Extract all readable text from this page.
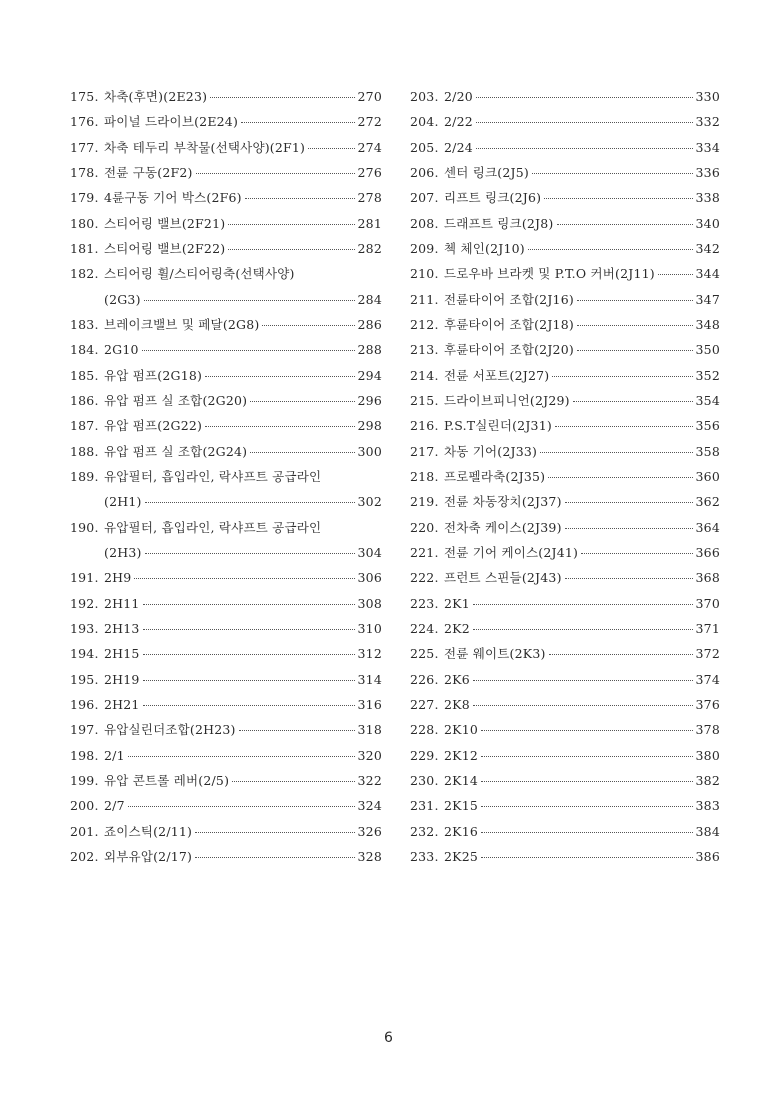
175. 차축(후면)(2E23)	270
176. 파이널 드라이브(2E24)	272
177. 차축 테두리 부착물(선택사양)(2F1)	274
178. 전륜 구동(2F2)	276
179. 4륜구동 기어 박스(2F6)	278
180. 스티어링 밸브(2F21)	281
181. 스티어링 밸브(2F22)	282
182. 스티어링 휠/스티어링축(선택사양)
(2G3)	284
183. 브레이크밸브 및 페달(2G8)	286
184. 2G10	288
185. 유압 펌프(2G18)	294
186. 유압 펌프 실 조합(2G20)	296
187. 유압 펌프(2G22)	298
188. 유압 펌프 실 조합(2G24)	300
189. 유압필터, 흡입라인, 락샤프트 공급라인
(2H1)	302
190. 유압필터, 흡입라인, 락샤프트 공급라인
(2H3)	304
191. 2H9	306
192. 2H11	308
193. 2H13	310
194. 2H15	312
195. 2H19	314
196. 2H21	316
197. 유압실린더조합(2H23)	318
198. 2/1	320
199. 유압 콘트롤 레버(2/5)	322
200. 2/7	324
201. 죠이스틱(2/11)	326
202. 외부유압(2/17)	328
203. 2/20	330
204. 2/22	332
205. 2/24	334
206. 센터 링크(2J5)	336
207. 리프트 링크(2J6)	338
208. 드래프트 링크(2J8)	340
209. 첵 체인(2J10)	342
210. 드로우바 브라켓 및 P.T.O 커버(2J11)	344
211. 전륜타이어 조합(2J16)	347
212. 후륜타이어 조합(2J18)	348
213. 후륜타이어 조합(2J20)	350
214. 전륜 서포트(2J27)	352
215. 드라이브피니언(2J29)	354
216. P.S.T실린더(2J31)	356
217. 차동 기어(2J33)	358
218. 프로펠라축(2J35)	360
219. 전륜 차동장치(2J37)	362
220. 전차축 케이스(2J39)	364
221. 전륜 기어 케이스(2J41)	366
222. 프런트 스핀들(2J43)	368
223. 2K1	370
224. 2K2	371
225. 전륜 웨이트(2K3)	372
226. 2K6	374
227. 2K8	376
228. 2K10	378
229. 2K12	380
230. 2K14	382
231. 2K15	383
232. 2K16	384
233. 2K25	386
6
